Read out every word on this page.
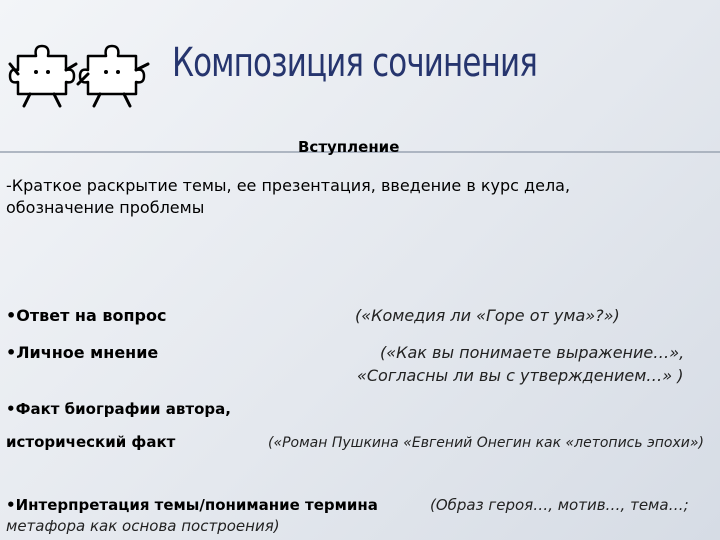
Композиция сочинения
Вступление
-Краткое раскрытие темы, ее презентация, введение в курс дела,
обозначение проблемы
•Ответ на вопрос	(«Комедия ли «Горе от ума»?»)
•Личное мнение	(«Как вы понимаете выражение…»,
«Согласны ли вы с утверждением…» )
•Факт биографии автора,
исторический факт	(«Роман Пушкина «Евгений Онегин как «летопись эпохи»)
•Интерпретация темы/понимание термина	(Образ героя…, мотив…, тема…;
метафора как основа построения)
